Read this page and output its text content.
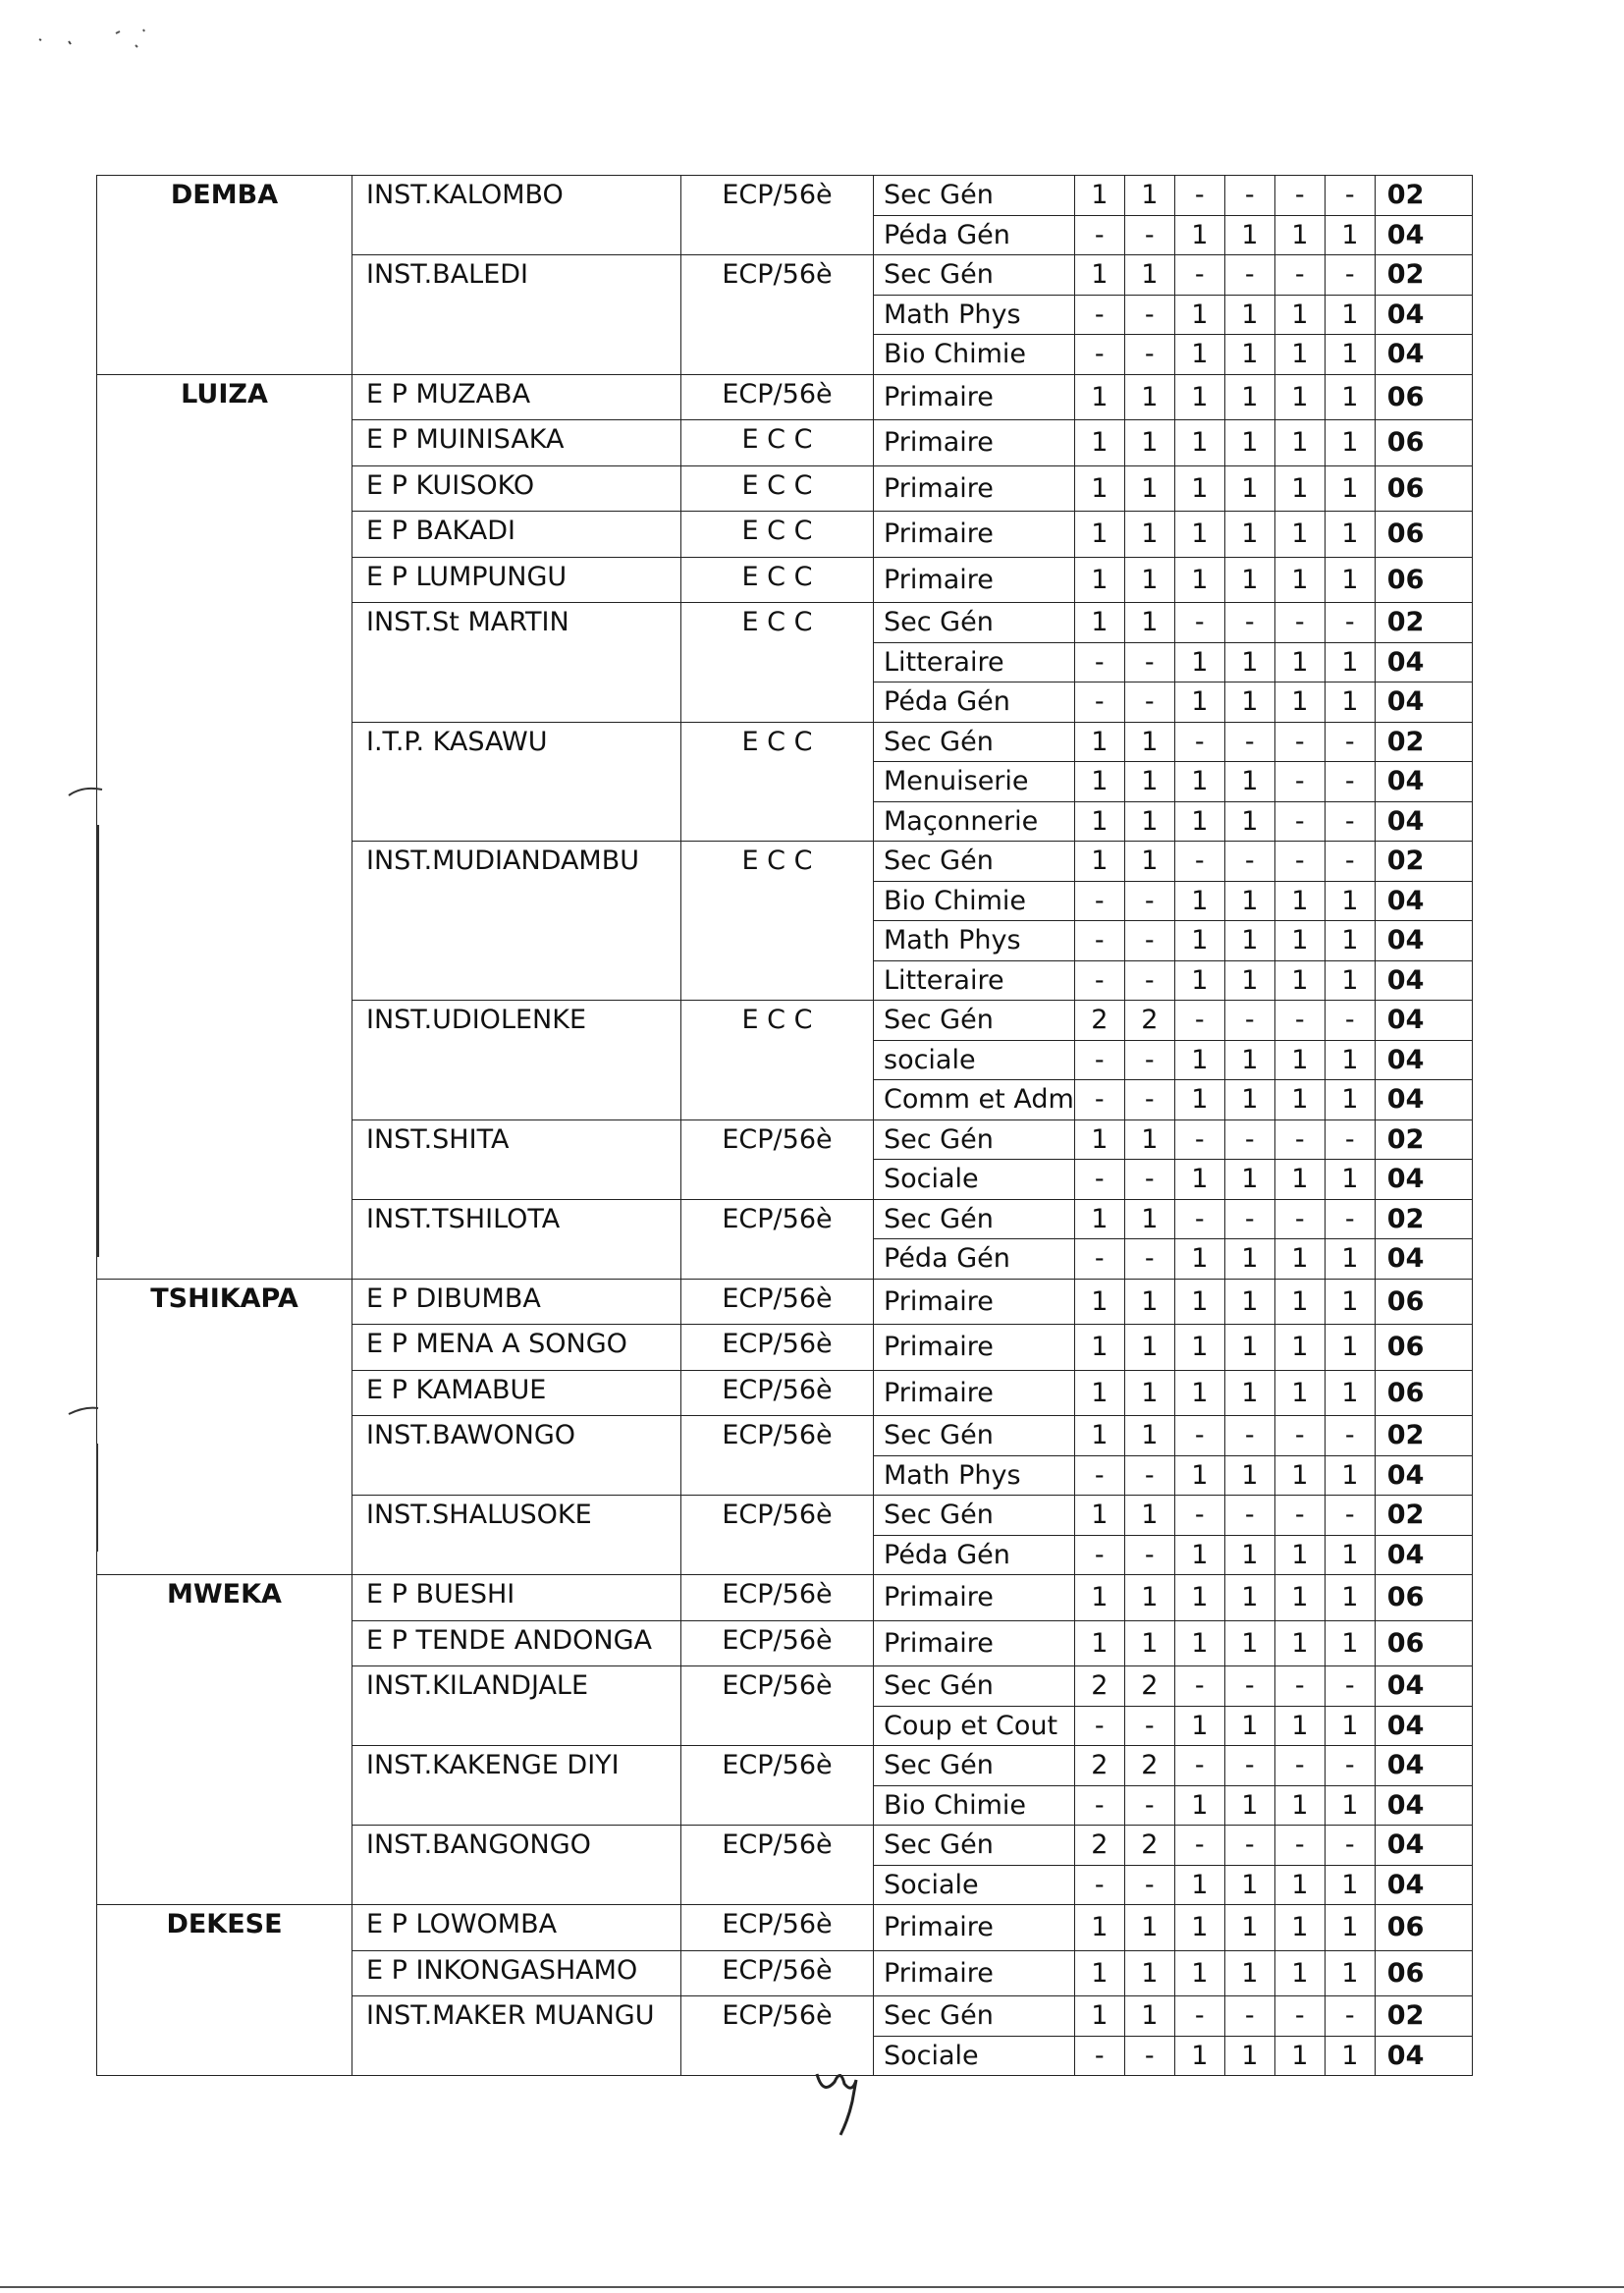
DEMBA	INST.KALOMBO	ECP/56è	Sec Gén	1	1	-	-	-	-	02
			Péda Gén	-	-	1	1	1	1	04
	INST.BALEDI	ECP/56è	Sec Gén	1	1	-	-	-	-	02
			Math Phys	-	-	1	1	1	1	04
			Bio Chimie	-	-	1	1	1	1	04
LUIZA	E P MUZABA	ECP/56è	Primaire	1	1	1	1	1	1	06
	E P MUINISAKA	E C C	Primaire	1	1	1	1	1	1	06
	E P KUISOKO	E C C	Primaire	1	1	1	1	1	1	06
	E P BAKADI	E C C	Primaire	1	1	1	1	1	1	06
	E P LUMPUNGU	E C C	Primaire	1	1	1	1	1	1	06
	INST.St MARTIN	E C C	Sec Gén	1	1	-	-	-	-	02
			Litteraire	-	-	1	1	1	1	04
			Péda Gén	-	-	1	1	1	1	04
	I.T.P. KASAWU	E C C	Sec Gén	1	1	-	-	-	-	02
			Menuiserie	1	1	1	1	-	-	04
			Maçonnerie	1	1	1	1	-	-	04
	INST.MUDIANDAMBU	E C C	Sec Gén	1	1	-	-	-	-	02
			Bio Chimie	-	-	1	1	1	1	04
			Math Phys	-	-	1	1	1	1	04
			Litteraire	-	-	1	1	1	1	04
	INST.UDIOLENKE	E C C	Sec Gén	2	2	-	-	-	-	04
			sociale	-	-	1	1	1	1	04
			Comm et Adm	-	-	1	1	1	1	04
	INST.SHITA	ECP/56è	Sec Gén	1	1	-	-	-	-	02
			Sociale	-	-	1	1	1	1	04
	INST.TSHILOTA	ECP/56è	Sec Gén	1	1	-	-	-	-	02
			Péda Gén	-	-	1	1	1	1	04
TSHIKAPA	E P DIBUMBA	ECP/56è	Primaire	1	1	1	1	1	1	06
	E P MENA A SONGO	ECP/56è	Primaire	1	1	1	1	1	1	06
	E P KAMABUE	ECP/56è	Primaire	1	1	1	1	1	1	06
	INST.BAWONGO	ECP/56è	Sec Gén	1	1	-	-	-	-	02
			Math Phys	-	-	1	1	1	1	04
	INST.SHALUSOKE	ECP/56è	Sec Gén	1	1	-	-	-	-	02
			Péda Gén	-	-	1	1	1	1	04
MWEKA	E P BUESHI	ECP/56è	Primaire	1	1	1	1	1	1	06
	E P TENDE ANDONGA	ECP/56è	Primaire	1	1	1	1	1	1	06
	INST.KILANDJALE	ECP/56è	Sec Gén	2	2	-	-	-	-	04
			Coup et Cout	-	-	1	1	1	1	04
	INST.KAKENGE DIYI	ECP/56è	Sec Gén	2	2	-	-	-	-	04
			Bio Chimie	-	-	1	1	1	1	04
	INST.BANGONGO	ECP/56è	Sec Gén	2	2	-	-	-	-	04
			Sociale	-	-	1	1	1	1	04
DEKESE	E P LOWOMBA	ECP/56è	Primaire	1	1	1	1	1	1	06
	E P INKONGASHAMO	ECP/56è	Primaire	1	1	1	1	1	1	06
	INST.MAKER MUANGU	ECP/56è	Sec Gén	1	1	-	-	-	-	02
			Sociale	-	-	1	1	1	1	04
